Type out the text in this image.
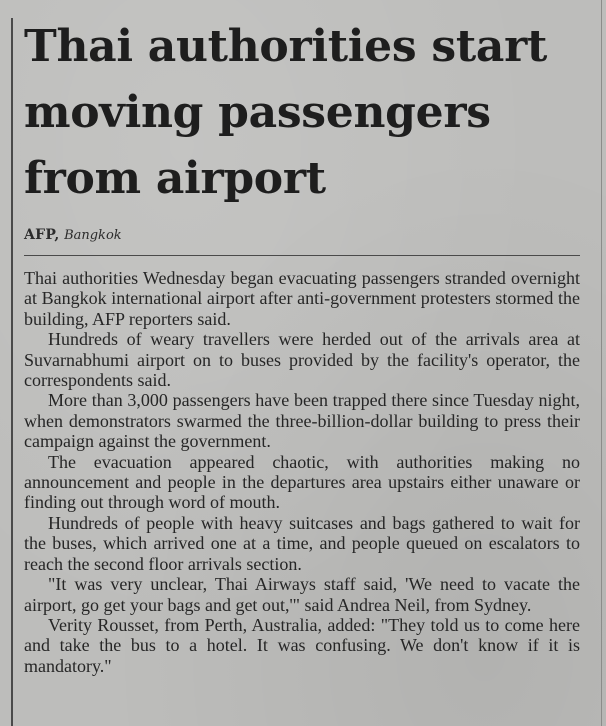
Thai authorities start moving passengers from airport
AFP, Bangkok

Thai authorities Wednesday began evacuating passengers stranded overnight at Bangkok international airport after anti-government protesters stormed the building, AFP reporters said.

Hundreds of weary travellers were herded out of the arrivals area at Suvarnabhumi airport on to buses provided by the facility's operator, the correspondents said.

More than 3,000 passengers have been trapped there since Tuesday night, when demonstrators swarmed the three-billion-dollar building to press their campaign against the government.

The evacuation appeared chaotic, with authorities making no announcement and people in the departures area upstairs either unaware or finding out through word of mouth.

Hundreds of people with heavy suitcases and bags gathered to wait for the buses, which arrived one at a time, and people queued on escalators to reach the second floor arrivals section.

"It was very unclear, Thai Airways staff said, 'We need to vacate the airport, go get your bags and get out,'" said Andrea Neil, from Sydney.

Verity Rousset, from Perth, Australia, added: "They told us to come here and take the bus to a hotel. It was confusing. We don't know if it is mandatory."
